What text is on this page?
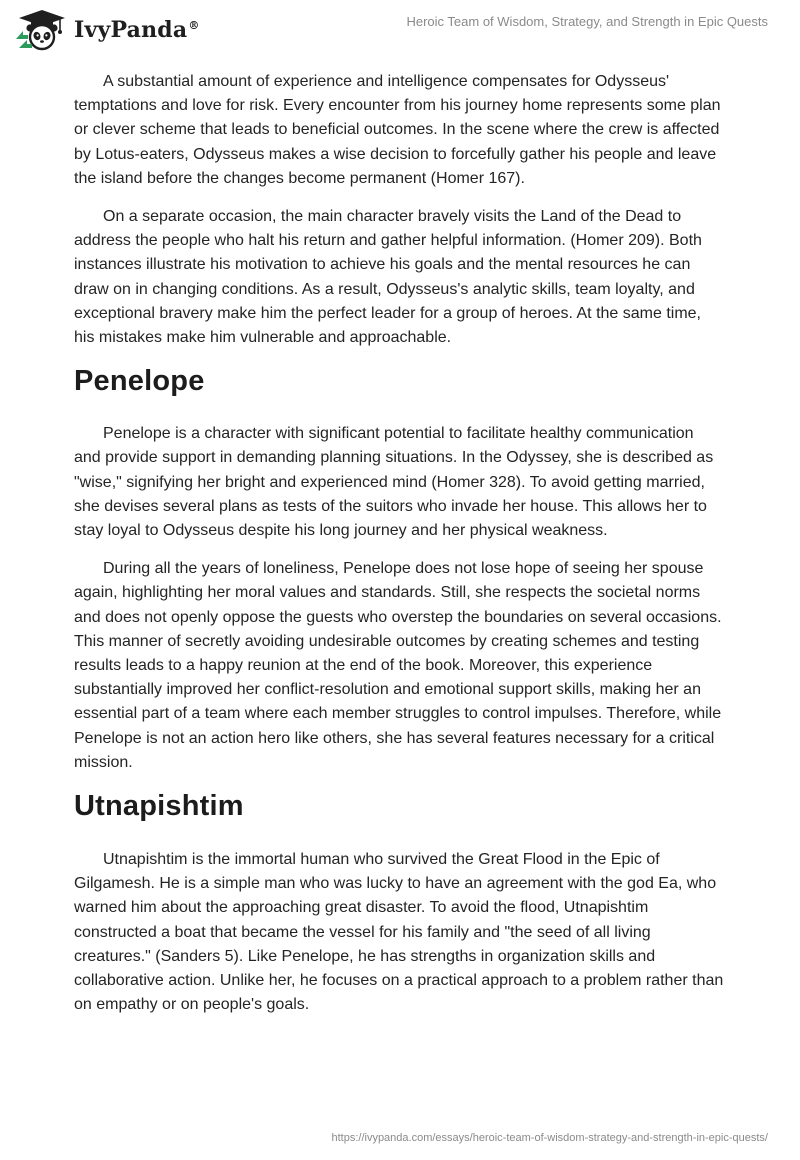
IvyPanda®	Heroic Team of Wisdom, Strategy, and Strength in Epic Quests

A substantial amount of experience and intelligence compensates for Odysseus' temptations and love for risk. Every encounter from his journey home represents some plan or clever scheme that leads to beneficial outcomes. In the scene where the crew is affected by Lotus-eaters, Odysseus makes a wise decision to forcefully gather his people and leave the island before the changes become permanent (Homer 167).

On a separate occasion, the main character bravely visits the Land of the Dead to address the people who halt his return and gather helpful information. (Homer 209). Both instances illustrate his motivation to achieve his goals and the mental resources he can draw on in changing conditions. As a result, Odysseus's analytic skills, team loyalty, and exceptional bravery make him the perfect leader for a group of heroes. At the same time, his mistakes make him vulnerable and approachable.

Penelope

Penelope is a character with significant potential to facilitate healthy communication and provide support in demanding planning situations. In the Odyssey, she is described as "wise," signifying her bright and experienced mind (Homer 328). To avoid getting married, she devises several plans as tests of the suitors who invade her house. This allows her to stay loyal to Odysseus despite his long journey and her physical weakness.

During all the years of loneliness, Penelope does not lose hope of seeing her spouse again, highlighting her moral values and standards. Still, she respects the societal norms and does not openly oppose the guests who overstep the boundaries on several occasions. This manner of secretly avoiding undesirable outcomes by creating schemes and testing results leads to a happy reunion at the end of the book. Moreover, this experience substantially improved her conflict-resolution and emotional support skills, making her an essential part of a team where each member struggles to control impulses. Therefore, while Penelope is not an action hero like others, she has several features necessary for a critical mission.

Utnapishtim

Utnapishtim is the immortal human who survived the Great Flood in the Epic of Gilgamesh. He is a simple man who was lucky to have an agreement with the god Ea, who warned him about the approaching great disaster. To avoid the flood, Utnapishtim constructed a boat that became the vessel for his family and "the seed of all living creatures." (Sanders 5). Like Penelope, he has strengths in organization skills and collaborative action. Unlike her, he focuses on a practical approach to a problem rather than on empathy or on people's goals.

https://ivypanda.com/essays/heroic-team-of-wisdom-strategy-and-strength-in-epic-quests/
